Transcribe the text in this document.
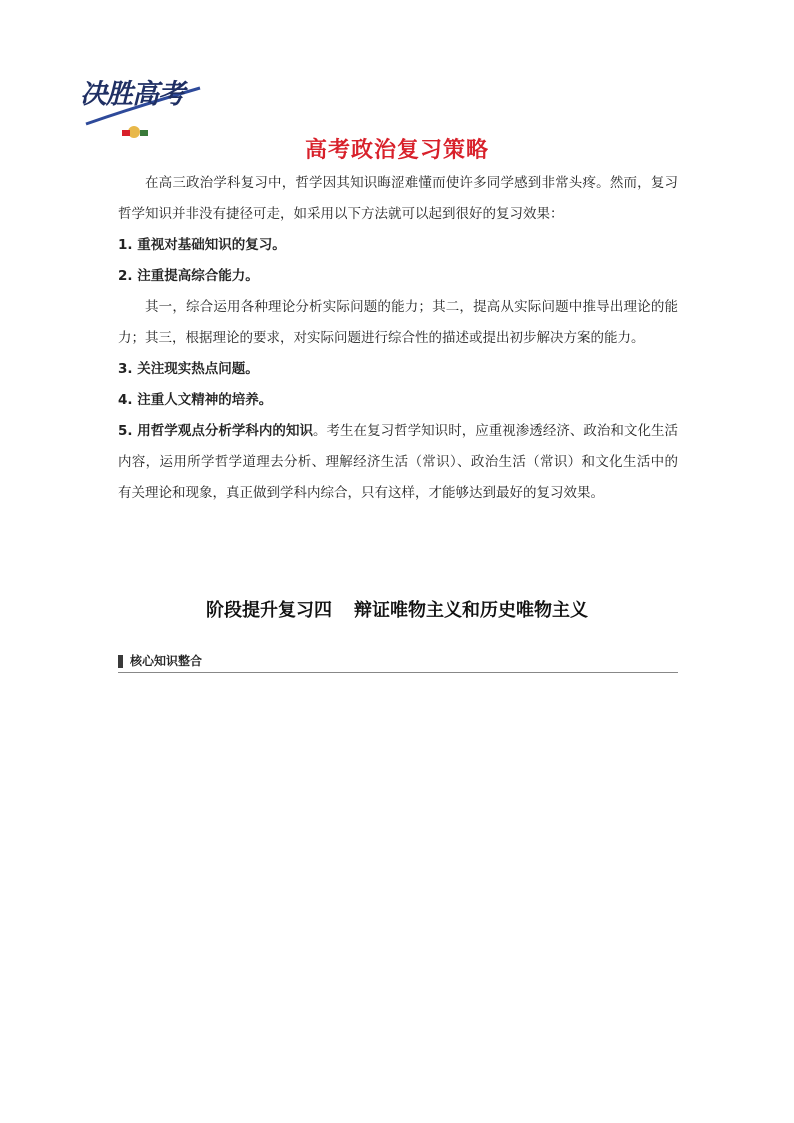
决胜高考
高考政治复习策略

在高三政治学科复习中，哲学因其知识晦涩难懂而使许多同学感到非常头疼。然而，复习哲学知识并非没有捷径可走，如采用以下方法就可以起到很好的复习效果：

1. 重视对基础知识的复习。

2. 注重提高综合能力。

其一，综合运用各种理论分析实际问题的能力；其二，提高从实际问题中推导出理论的能力；其三，根据理论的要求，对实际问题进行综合性的描述或提出初步解决方案的能力。

3. 关注现实热点问题。

4. 注重人文精神的培养。

5. 用哲学观点分析学科内的知识。考生在复习哲学知识时，应重视渗透经济、政治和文化生活内容，运用所学哲学道理去分析、理解经济生活（常识）、政治生活（常识）和文化生活中的有关理论和现象，真正做到学科内综合，只有这样，才能够达到最好的复习效果。

阶段提升复习四 辩证唯物主义和历史唯物主义
核心知识整合
